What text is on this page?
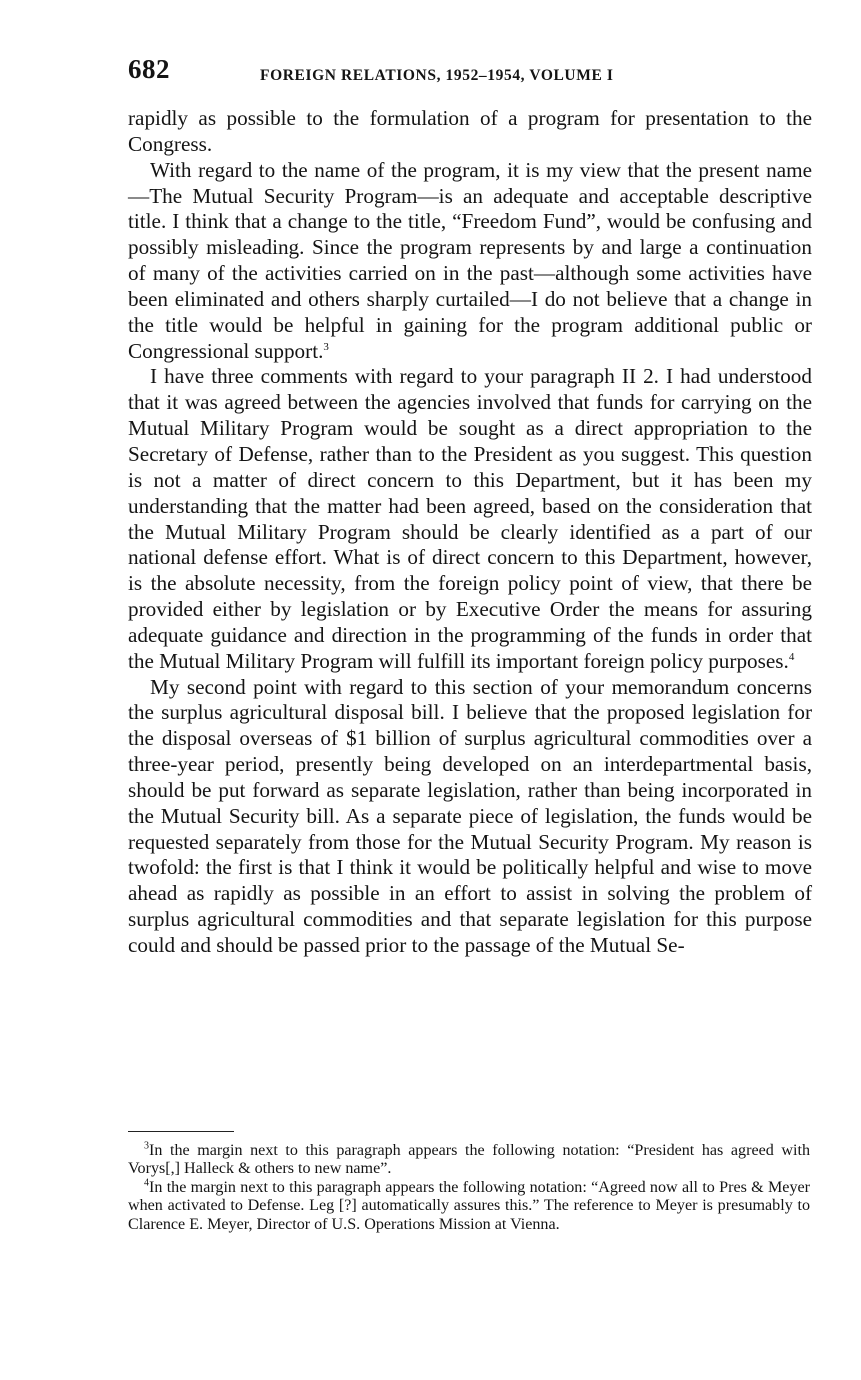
682	FOREIGN RELATIONS, 1952–1954, VOLUME I

rapidly as possible to the formulation of a program for presentation to the Congress.

With regard to the name of the program, it is my view that the present name—The Mutual Security Program—is an adequate and acceptable descriptive title. I think that a change to the title, “Freedom Fund”, would be confusing and possibly misleading. Since the program represents by and large a continuation of many of the activities carried on in the past—although some activities have been eliminated and others sharply curtailed—I do not believe that a change in the title would be helpful in gaining for the program additional public or Congressional support.$^3$

I have three comments with regard to your paragraph II 2. I had understood that it was agreed between the agencies involved that funds for carrying on the Mutual Military Program would be sought as a direct appropriation to the Secretary of Defense, rather than to the President as you suggest. This question is not a matter of direct concern to this Department, but it has been my understanding that the matter had been agreed, based on the consideration that the Mutual Military Program should be clearly identified as a part of our national defense effort. What is of direct concern to this Department, however, is the absolute necessity, from the foreign policy point of view, that there be provided either by legislation or by Executive Order the means for assuring adequate guidance and direction in the programming of the funds in order that the Mutual Military Program will fulfill its important foreign policy purposes.$^4$

My second point with regard to this section of your memorandum concerns the surplus agricultural disposal bill. I believe that the proposed legislation for the disposal overseas of $1 billion of surplus agricultural commodities over a three-year period, presently being developed on an interdepartmental basis, should be put forward as separate legislation, rather than being incorporated in the Mutual Security bill. As a separate piece of legislation, the funds would be requested separately from those for the Mutual Security Program. My reason is twofold: the first is that I think it would be politically helpful and wise to move ahead as rapidly as possible in an effort to assist in solving the problem of surplus agricultural commodities and that separate legislation for this purpose could and should be passed prior to the passage of the Mutual Se-

$^3$In the margin next to this paragraph appears the following notation: “President has agreed with Vorys[,] Halleck & others to new name”.

$^4$In the margin next to this paragraph appears the following notation: “Agreed now all to Pres & Meyer when activated to Defense. Leg [?] automatically assures this.” The reference to Meyer is presumably to Clarence E. Meyer, Director of U.S. Operations Mission at Vienna.
